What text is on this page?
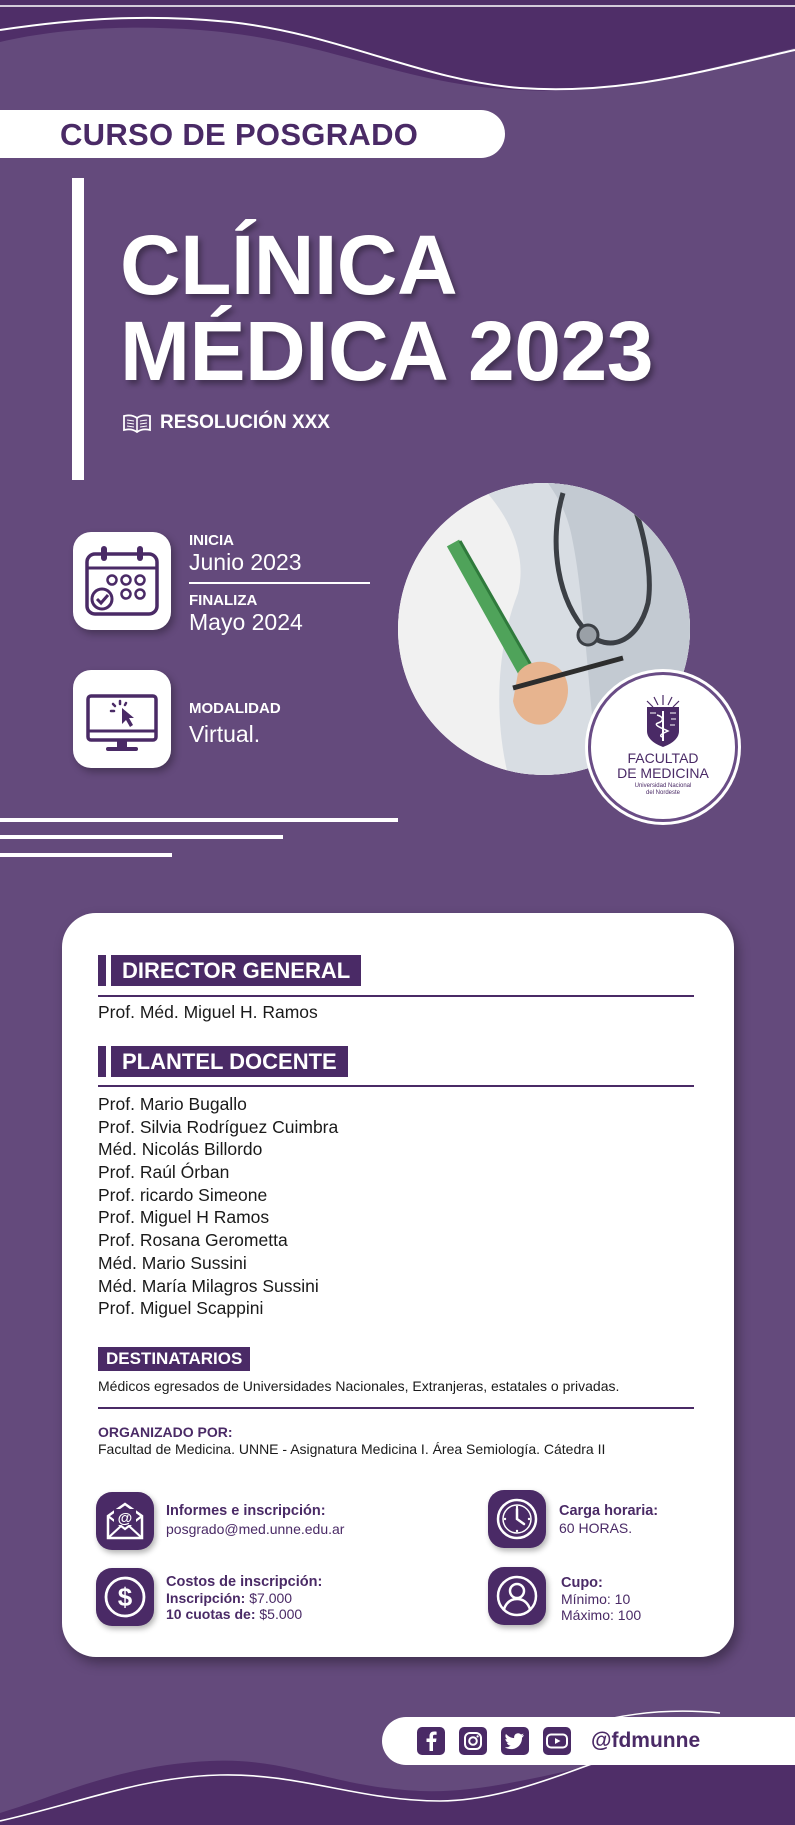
CURSO DE POSGRADO
CLÍNICA
MÉDICA 2023
RESOLUCIÓN XXX
INICIA
Junio 2023
FINALIZA
Mayo 2024
MODALIDAD
Virtual.
FACULTAD
DE MEDICINA
Universidad Nacional
del Nordeste
DIRECTOR GENERAL
Prof. Méd. Miguel H. Ramos
PLANTEL DOCENTE
Prof. Mario Bugallo
Prof. Silvia Rodríguez Cuimbra
Méd. Nicolás Billordo
Prof. Raúl Órban
Prof. ricardo Simeone
Prof. Miguel H Ramos
Prof. Rosana Gerometta
Méd. Mario Sussini
Méd. María Milagros Sussini
Prof. Miguel Scappini
DESTINATARIOS
Médicos egresados de Universidades Nacionales, Extranjeras, estatales o privadas.
ORGANIZADO POR:
Facultad de Medicina. UNNE - Asignatura Medicina I. Área Semiología. Cátedra II
@ Informes e inscripción:
posgrado@med.unne.edu.ar
Carga horaria:
60 HORAS.
$ Costos de inscripción:
Inscripción: $7.000
10 cuotas de: $5.000
Cupo:
Mínimo: 10
Máximo: 100
@fdmunne
